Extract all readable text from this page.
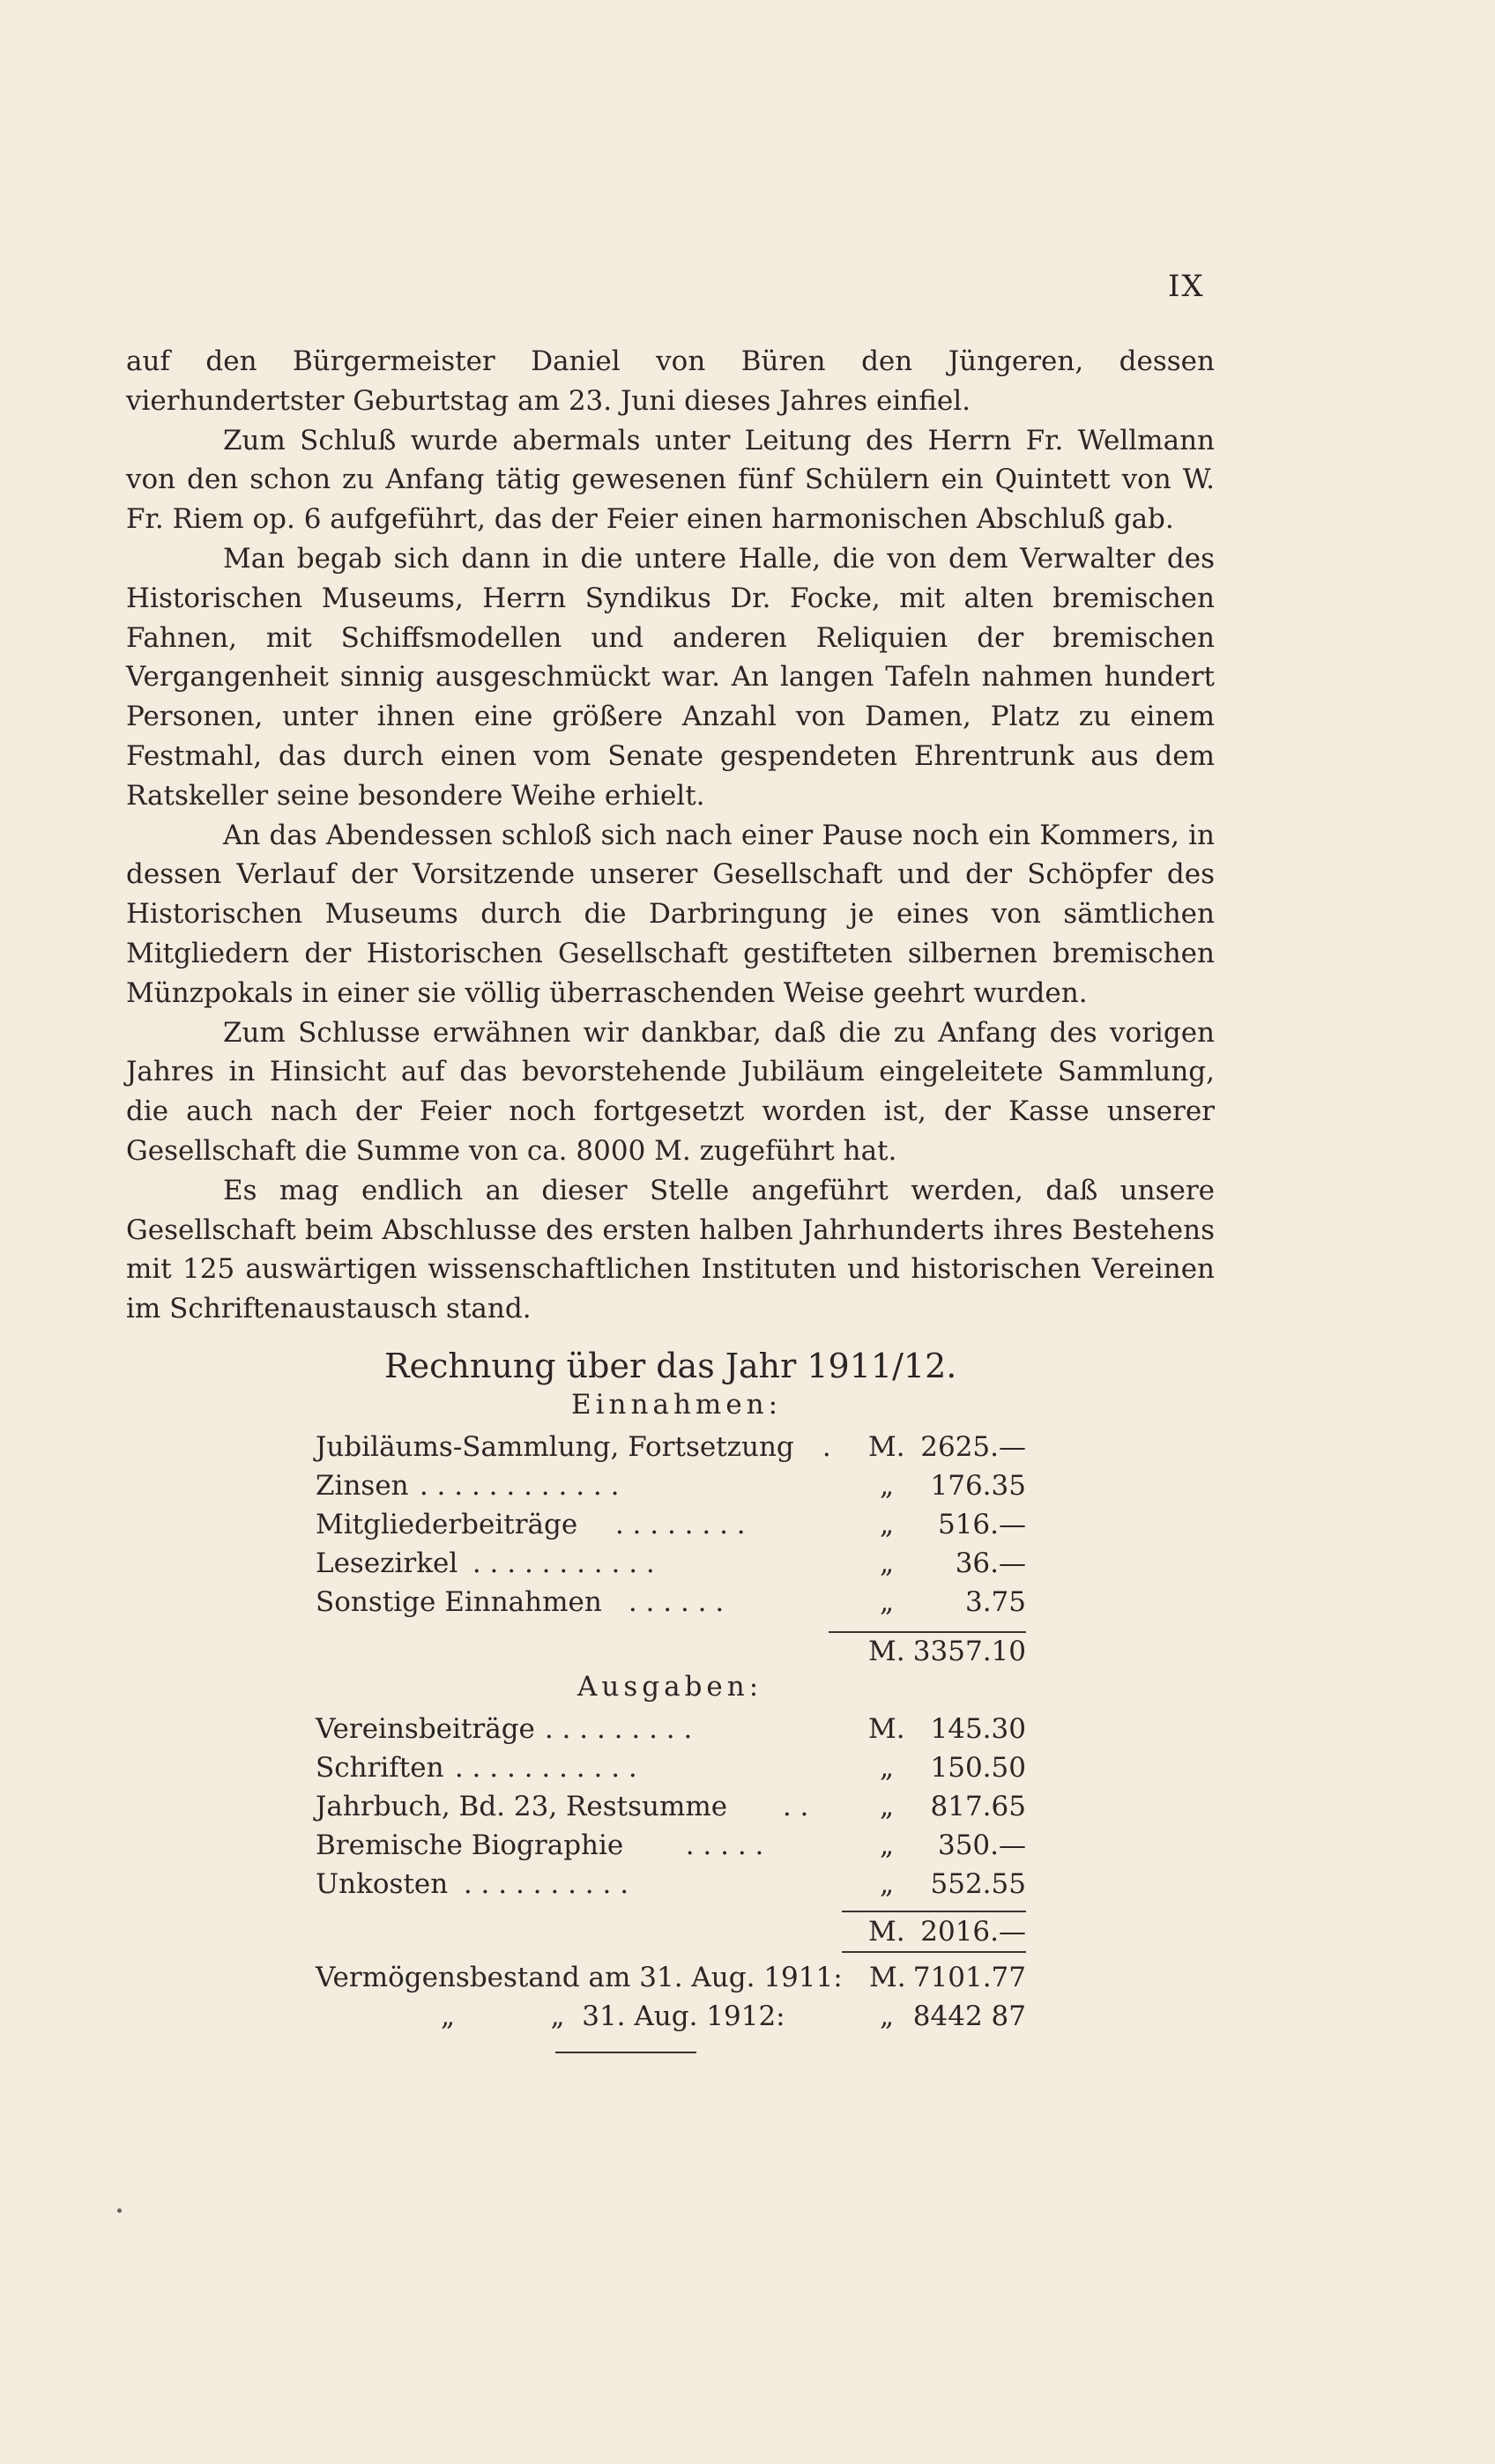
IX

auf den Bürgermeister Daniel von Büren den Jüngeren, dessen vierhundertster Geburtstag am 23. Juni dieses Jahres einfiel.

Zum Schluß wurde abermals unter Leitung des Herrn Fr. Wellmann von den schon zu Anfang tätig gewesenen fünf Schülern ein Quintett von W. Fr. Riem op. 6 aufgeführt, das der Feier einen harmonischen Abschluß gab.

Man begab sich dann in die untere Halle, die von dem Verwalter des Historischen Museums, Herrn Syndikus Dr. Focke, mit alten bremischen Fahnen, mit Schiffsmodellen und anderen Reliquien der bremischen Vergangenheit sinnig ausgeschmückt war. An langen Tafeln nahmen hundert Personen, unter ihnen eine größere Anzahl von Damen, Platz zu einem Festmahl, das durch einen vom Senate gespendeten Ehrentrunk aus dem Ratskeller seine besondere Weihe erhielt.

An das Abendessen schloß sich nach einer Pause noch ein Kommers, in dessen Verlauf der Vorsitzende unserer Gesellschaft und der Schöpfer des Historischen Museums durch die Darbringung je eines von sämtlichen Mitgliedern der Historischen Gesellschaft gestifteten silbernen bremischen Münzpokals in einer sie völlig überraschenden Weise geehrt wurden.

Zum Schlusse erwähnen wir dankbar, daß die zu Anfang des vorigen Jahres in Hinsicht auf das bevorstehende Jubiläum eingeleitete Sammlung, die auch nach der Feier noch fortgesetzt worden ist, der Kasse unserer Gesellschaft die Summe von ca. 8000 M. zugeführt hat.

Es mag endlich an dieser Stelle angeführt werden, daß unsere Gesellschaft beim Abschlusse des ersten halben Jahrhunderts ihres Bestehens mit 125 auswärtigen wissenschaftlichen Instituten und historischen Vereinen im Schriftenaustausch stand.

Rechnung über das Jahr 1911/12.
Einnahmen:
Jubiläums-Sammlung, Fortsetzung . M. 2625.—
Zinsen . . . . . . . . . . . .	„ 176.35
Mitgliederbeiträge . . . . . . . .	„ 516.—
Lesezirkel . . . . . . . . . . .	„ 36.—
Sonstige Einnahmen . . . . . .	„	3.75
M. 3357.10
Ausgaben:
Vereinsbeiträge . . . . . . . . .	M. 145.30
Schriften . . . . . . . . . . .	„ 150.50
Jahrbuch, Bd. 23, Restsumme . .	„ 817.65
Bremische Biographie . . . . .	„ 350.—
Unkosten . . . . . . . . . .	„ 552.55
M. 2016.—
Vermögensbestand am 31. Aug. 1911: M. 7101.77
„           „  31. Aug. 1912:	„ 8442 87
